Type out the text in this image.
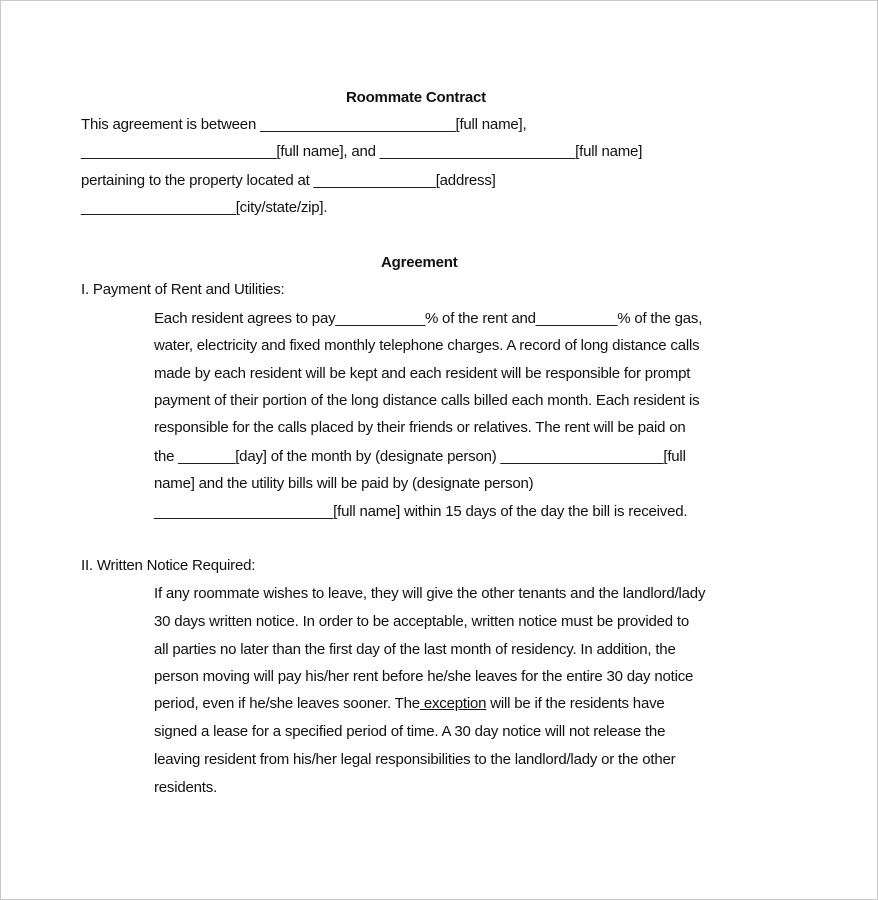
Roommate Contract
This agreement is between ________________________[full name],
________________________[full name], and ________________________[full name]
pertaining to the property located at _______________[address]
___________________[city/state/zip].
Agreement
I. Payment of Rent and Utilities:
Each resident agrees to pay___________% of the rent and__________% of the gas,
water, electricity and fixed monthly telephone charges. A record of long distance calls
made by each resident will be kept and each resident will be responsible for prompt
payment of their portion of the long distance calls billed each month. Each resident is
responsible for the calls placed by their friends or relatives. The rent will be paid on
the _______[day] of the month by (designate person) ____________________[full
name] and the utility bills will be paid by (designate person)
______________________[full name] within 15 days of the day the bill is received.
II. Written Notice Required:
If any roommate wishes to leave, they will give the other tenants and the landlord/lady
30 days written notice. In order to be acceptable, written notice must be provided to
all parties no later than the first day of the last month of residency. In addition, the
person moving will pay his/her rent before he/she leaves for the entire 30 day notice
period, even if he/she leaves sooner. The exception will be if the residents have
signed a lease for a specified period of time. A 30 day notice will not release the
leaving resident from his/her legal responsibilities to the landlord/lady or the other
residents.
